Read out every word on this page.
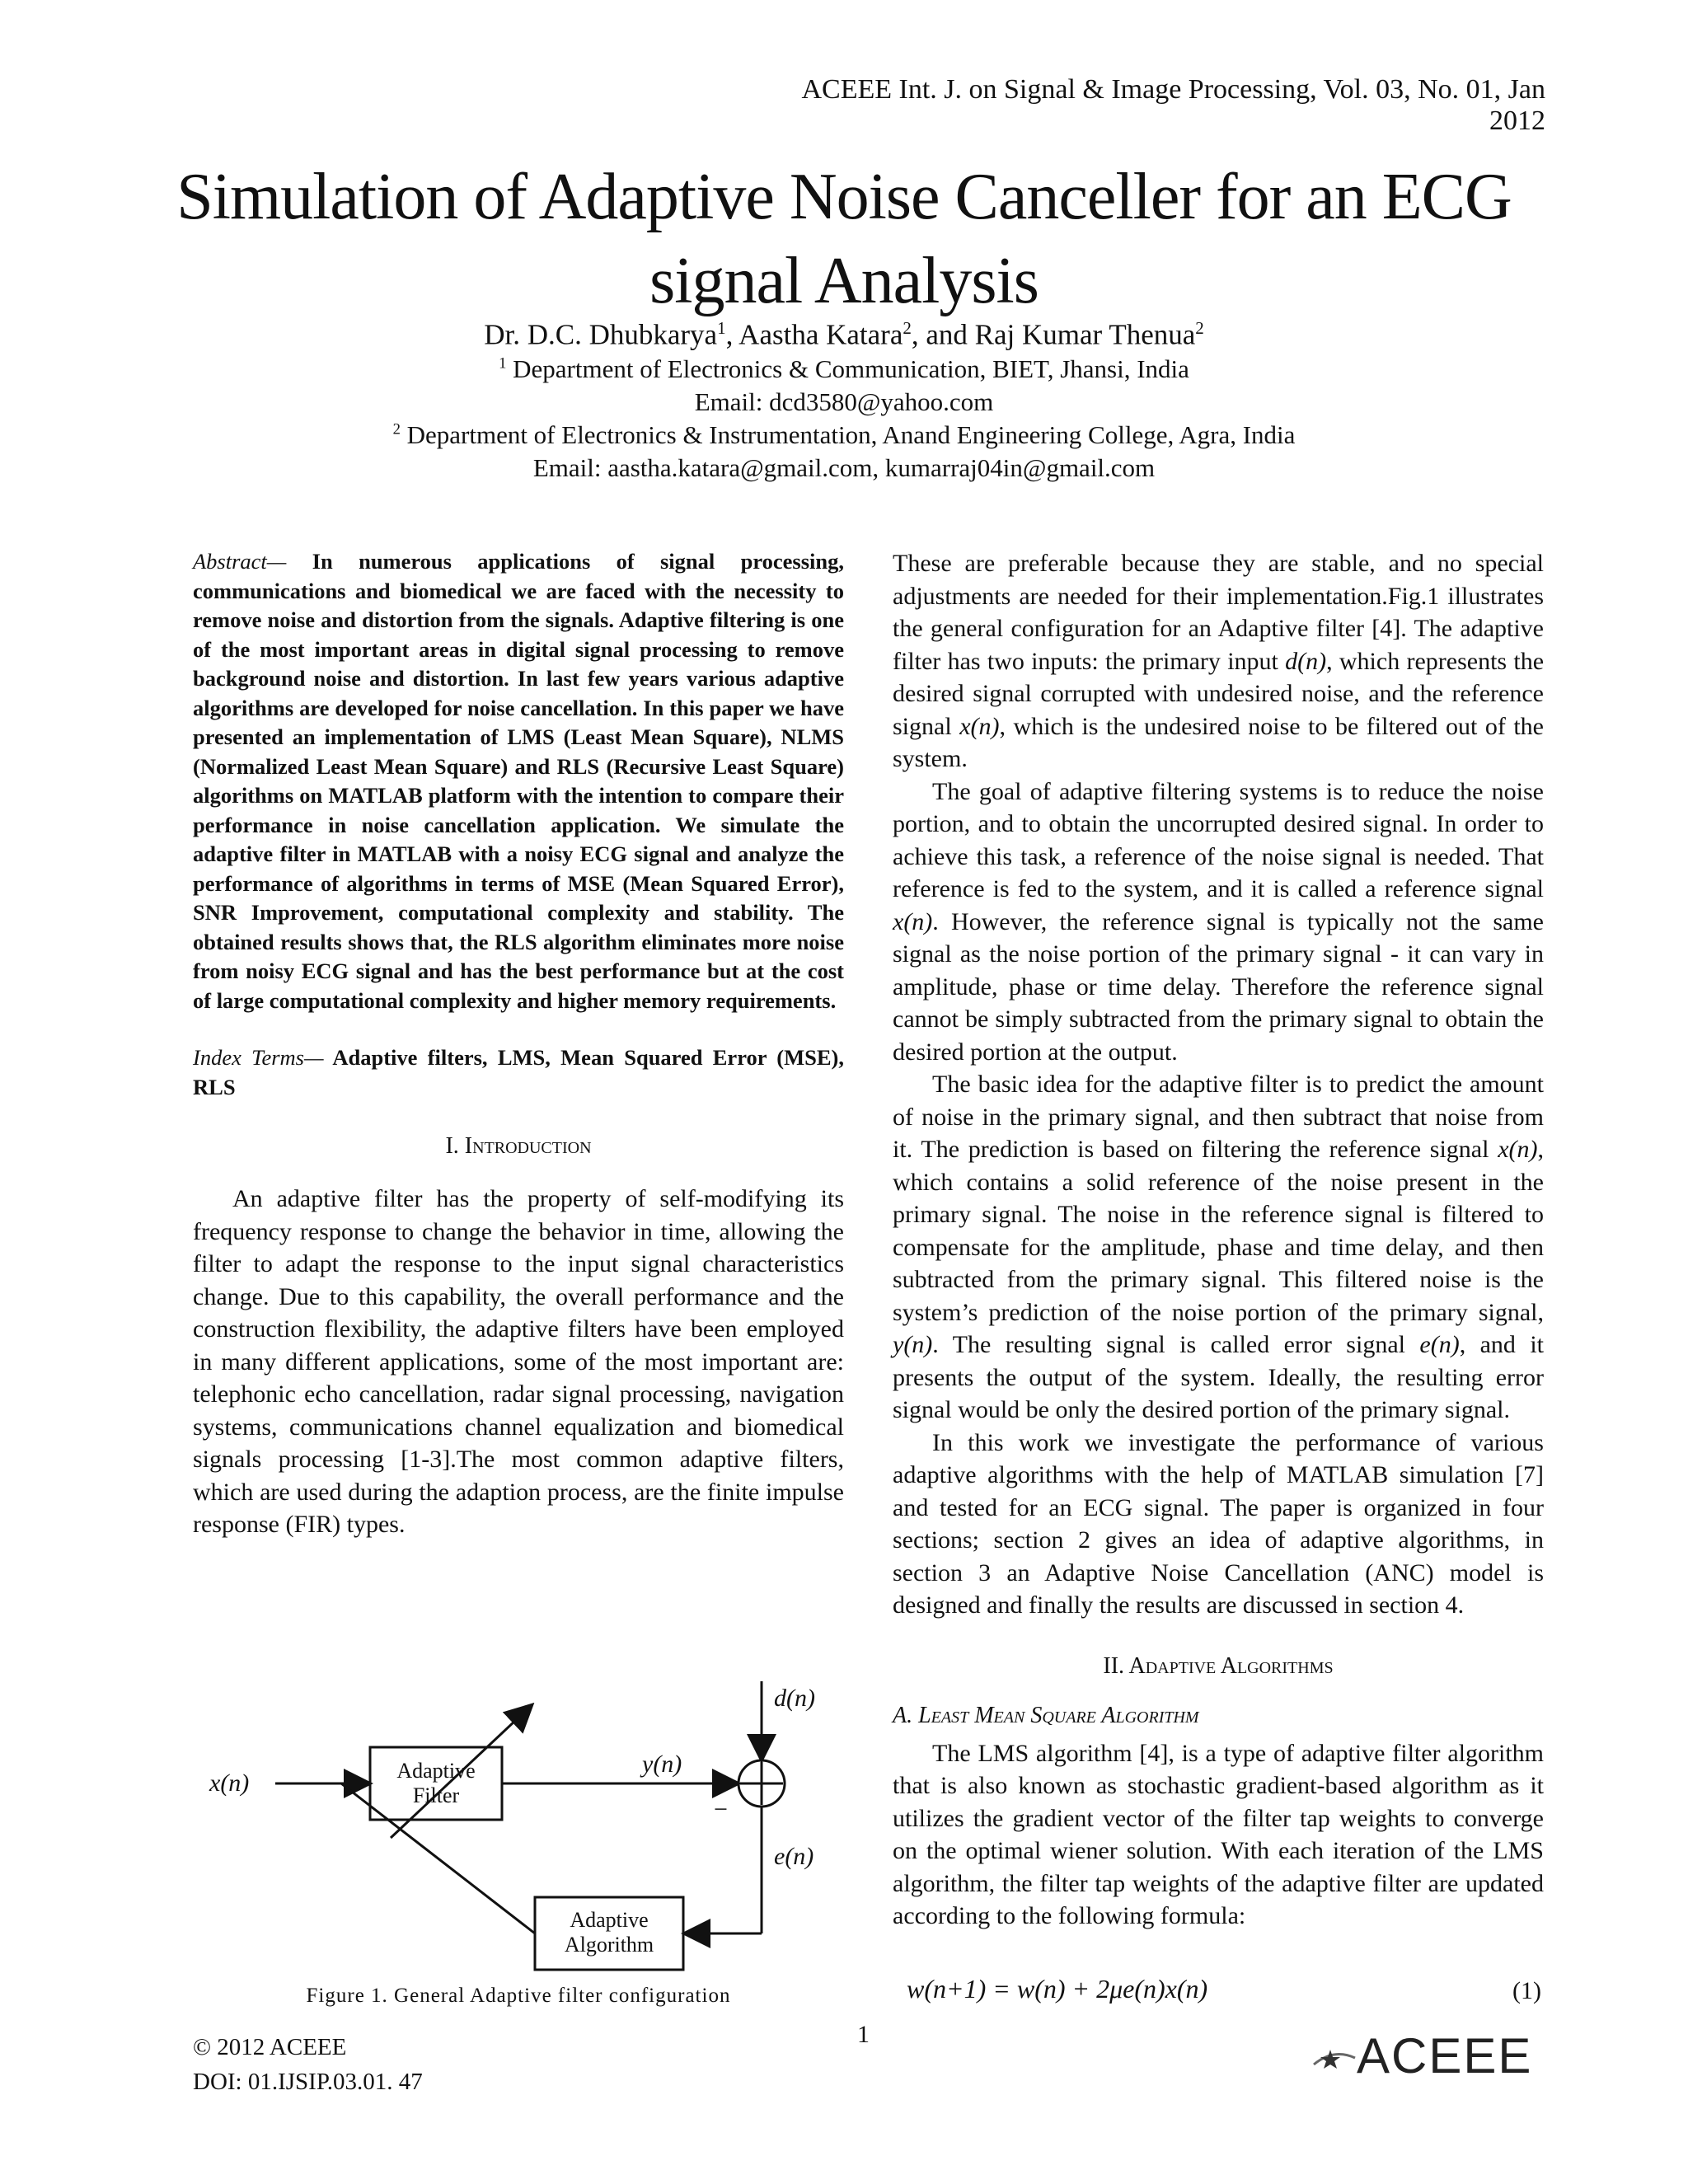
ACEEE Int. J. on Signal & Image Processing, Vol. 03, No. 01, Jan 2012
Simulation of Adaptive Noise Canceller for an ECG
signal Analysis
Dr. D.C. Dhubkarya$^1$, Aastha Katara$^2$, and Raj Kumar Thenua$^2$
$^1$ Department of Electronics & Communication, BIET, Jhansi, India
Email: dcd3580@yahoo.com
$^2$ Department of Electronics & Instrumentation, Anand Engineering College, Agra, India
Email: aastha.katara@gmail.com, kumarraj04in@gmail.com

Abstract— In numerous applications of signal processing, communications and biomedical we are faced with the necessity to remove noise and distortion from the signals. Adaptive filtering is one of the most important areas in digital signal processing to remove background noise and distortion. In last few years various adaptive algorithms are developed for noise cancellation. In this paper we have presented an implementation of LMS (Least Mean Square), NLMS (Normalized Least Mean Square) and RLS (Recursive Least Square) algorithms on MATLAB platform with the intention to compare their performance in noise cancellation application. We simulate the adaptive filter in MATLAB with a noisy ECG signal and analyze the performance of algorithms in terms of MSE (Mean Squared Error), SNR Improvement, computational complexity and stability. The obtained results shows that, the RLS algorithm eliminates more noise from noisy ECG signal and has the best performance but at the cost of large computational complexity and higher memory requirements.

Index Terms— Adaptive filters, LMS, Mean Squared Error (MSE), RLS

I. Introduction

An adaptive filter has the property of self-modifying its frequency response to change the behavior in time, allowing the filter to adapt the response to the input signal characteristics change. Due to this capability, the overall performance and the construction flexibility, the adaptive filters have been employed in many different applications, some of the most important are: telephonic echo cancellation, radar signal processing, navigation systems, communications channel equalization and biomedical signals processing [1-3].The most common adaptive filters, which are used during the adaption process, are the finite impulse response (FIR) types.

These are preferable because they are stable, and no special adjustments are needed for their implementation.Fig.1 illustrates the general configuration for an Adaptive filter [4]. The adaptive filter has two inputs: the primary input d(n), which represents the desired signal corrupted with undesired noise, and the reference signal x(n), which is the undesired noise to be filtered out of the system.

The goal of adaptive filtering systems is to reduce the noise portion, and to obtain the uncorrupted desired signal. In order to achieve this task, a reference of the noise signal is needed. That reference is fed to the system, and it is called a reference signal x(n). However, the reference signal is typically not the same signal as the noise portion of the primary signal - it can vary in amplitude, phase or time delay. Therefore the reference signal cannot be simply subtracted from the primary signal to obtain the desired portion at the output.

The basic idea for the adaptive filter is to predict the amount of noise in the primary signal, and then subtract that noise from it. The prediction is based on filtering the reference signal x(n), which contains a solid reference of the noise present in the primary signal. The noise in the reference signal is filtered to compensate for the amplitude, phase and time delay, and then subtracted from the primary signal. This filtered noise is the system’s prediction of the noise portion of the primary signal, y(n). The resulting signal is called error signal e(n), and it presents the output of the system. Ideally, the resulting error signal would be only the desired portion of the primary signal.

In this work we investigate the performance of various adaptive algorithms with the help of MATLAB simulation [7] and tested for an ECG signal. The paper is organized in four sections; section 2 gives an idea of adaptive algorithms, in section 3 an Adaptive Noise Cancellation (ANC) model is designed and finally the results are discussed in section 4.

II. Adaptive Algorithms
A. Least Mean Square Algorithm

The LMS algorithm [4], is a type of adaptive filter algorithm that is also known as stochastic gradient-based algorithm as it utilizes the gradient vector of the filter tap weights to converge on the optimal wiener solution. With each iteration of the LMS algorithm, the filter tap weights of the adaptive filter are updated according to the following formula:

Adaptive
Filter
Adaptive
Algorithm
x(n)
d(n)
y(n)
e(n)
−
Figure 1. General Adaptive filter configuration	w(n+1) = w(n) + 2μe(n)x(n)	(1)
© 2012 ACEEE
DOI: 01.IJSIP.03.01. 47
1	ACEEE
